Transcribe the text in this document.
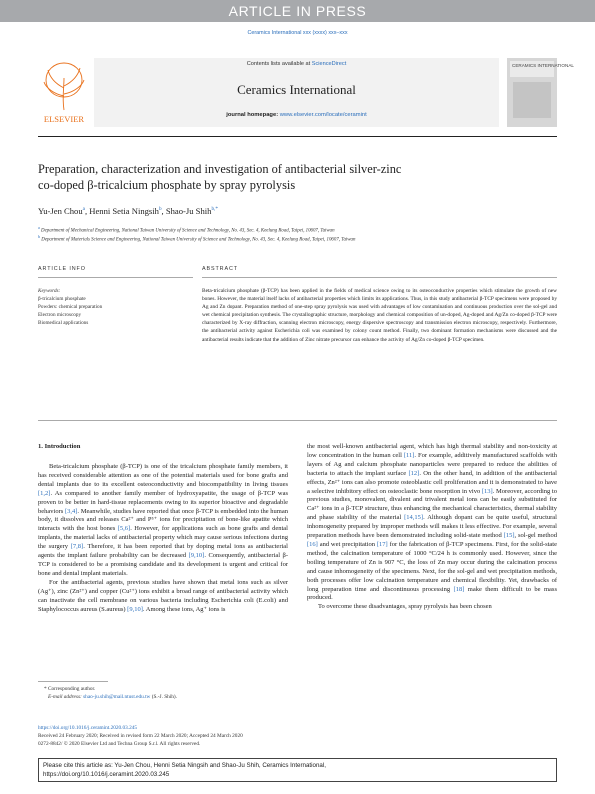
ARTICLE IN PRESS
Ceramics International xxx (xxxx) xxx–xxx
ELSEVIER
Contents lists available at ScienceDirect
Ceramics International
journal homepage: www.elsevier.com/locate/ceramint
CERAMICS INTERNATIONAL
Preparation, characterization and investigation of antibacterial silver-zinc
co-doped β-tricalcium phosphate by spray pyrolysis
Yu-Jen Chou$^a$, Henni Setia Ningsih$^b$, Shao-Ju Shih$^{b,*}$
$^a$ Department of Mechanical Engineering, National Taiwan University of Science and Technology, No. 43, Sec. 4, Keelung Road, Taipei, 10607, Taiwan
$^b$ Department of Materials Science and Engineering, National Taiwan University of Science and Technology, No. 43, Sec. 4, Keelung Road, Taipei, 10607, Taiwan
ARTICLE INFO	ABSTRACT
Keywords:
β-tricalcium phosphate
Powders: chemical preparation
Electron microscopy
Biomedical applications
Beta-tricalcium phosphate (β-TCP) has been applied in the fields of medical science owing to its osteoconductive properties which stimulate the growth of new bones. However, the material itself lacks of antibacterial properties which limits its applications. Thus, in this study antibacterial β-TCP specimens were proposed by Ag and Zn dopant. Preparation method of one-step spray pyrolysis was used with advantages of low contamination and continuous production over the sol-gel and wet chemical precipitation synthesis. The crystallographic structure, morphology and chemical composition of un-doped, Ag-doped and Ag/Zn co-doped β-TCP were characterized by X-ray diffraction, scanning electron microscopy, energy dispersive spectroscopy and transmission electron microscopy, respectively. Furthermore, the antibacterial activity against Escherichia coli was examined by colony count method. Finally, two dominant formation mechanisms were discussed and the antibacterial results indicate that the addition of Zinc nitrate precursor can enhance the activity of Ag/Zn co-doped β-TCP specimen.
1. Introduction

Beta-tricalcium phosphate (β-TCP) is one of the tricalcium phosphate family members, it has received considerable attention as one of the potential materials used for bone grafts and dental implants due to its excellent osteoconductivity and biocompatibility in living tissues [1,2]. As compared to another family member of hydroxyapatite, the usage of β-TCP was proven to be better in hard-tissue replacements owing to its superior bioactive and degradable behaviors [3,4]. Meanwhile, studies have reported that once β-TCP is embedded into the human body, it dissolves and releases Ca²⁺ and P⁵⁺ ions for precipitation of bone-like apatite which interacts with the host bones [5,6]. However, for applications such as bone grafts and dental implants, the material lacks of antibacterial property which may cause serious infections during the surgery [7,8]. Therefore, it has been reported that by doping metal ions as antibacterial agents the implant failure probability can be decreased [9,10]. Consequently, antibacterial β-TCP is considered to be a promising candidate and its development is urgent and critical for bone and dental implant materials.

For the antibacterial agents, previous studies have shown that metal ions such as silver (Ag⁺), zinc (Zn²⁺) and copper (Cu²⁺) ions exhibit a broad range of antibacterial activity which can inactivate the cell membrane on various bacteria including Escherichia coli (E.coli) and Staphylococcus aureus (S.aureus) [9,10]. Among these ions, Ag⁺ ions is

the most well-known antibacterial agent, which has high thermal stability and non-toxicity at low concentration in the human cell [11]. For example, additively manufactured scaffolds with layers of Ag and calcium phosphate nanoparticles were prepared to reduce the abilities of bacteria to attach the implant surface [12]. On the other hand, in addition of the antibacterial effects, Zn²⁺ ions can also promote osteoblastic cell proliferation and it is demonstrated to have a selective inhibitory effect on osteoclastic bone resorption in vivo [13]. Moreover, according to previous studies, monovalent, divalent and trivalent metal ions can be easily substituted for Ca²⁺ ions in a β-TCP structure, thus enhancing the mechanical characteristics, thermal stability and phase stability of the material [14,15]. Although dopant can be quite useful, structural inhomogeneity prepared by improper methods will makes it less effective. For example, several preparation methods have been demonstrated including solid-state method [15], sol-gel method [16] and wet precipitation [17] for the fabrication of β-TCP specimens. First, for the solid-state method, the calcination temperature of 1000 °C/24 h is commonly used. However, since the boiling temperature of Zn is 907 °C, the loss of Zn may occur during the calcination process and cause inhomogeneity of the specimens. Next, for the sol-gel and wet precipitation methods, both processes offer low calcination temperature and chemical flexibility. Yet, drawbacks of long preparation time and discontinuous processing [18] make them difficult to be mass produced.

To overcome these disadvantages, spray pyrolysis has been chosen

* Corresponding author.
E-mail address: shao-ju.shih@mail.ntust.edu.tw (S.-J. Shih).
https://doi.org/10.1016/j.ceramint.2020.03.245
Received 24 February 2020; Received in revised form 22 March 2020; Accepted 24 March 2020
0272-8842/ © 2020 Elsevier Ltd and Techna Group S.r.l. All rights reserved.
Please cite this article as: Yu-Jen Chou, Henni Setia Ningsih and Shao-Ju Shih, Ceramics International,
https://doi.org/10.1016/j.ceramint.2020.03.245
